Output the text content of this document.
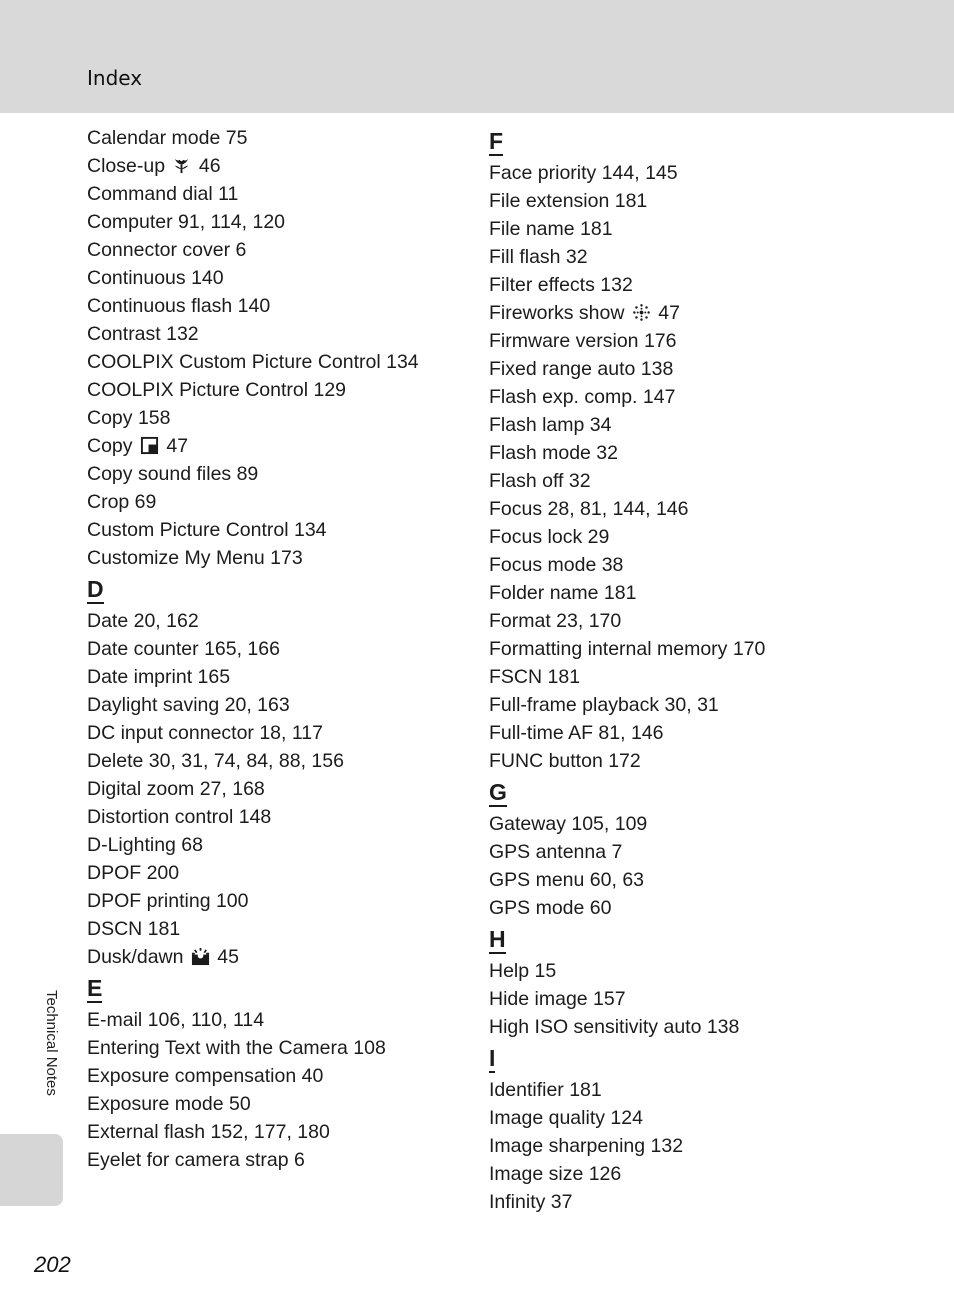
Index
Calendar mode 75
Close-up  46
Command dial 11
Computer 91, 114, 120
Connector cover 6
Continuous 140
Continuous flash 140
Contrast 132
COOLPIX Custom Picture Control 134
COOLPIX Picture Control 129
Copy 158
Copy  47
Copy sound files 89
Crop 69
Custom Picture Control 134
Customize My Menu 173
D
Date 20, 162
Date counter 165, 166
Date imprint 165
Daylight saving 20, 163
DC input connector 18, 117
Delete 30, 31, 74, 84, 88, 156
Digital zoom 27, 168
Distortion control 148
D-Lighting 68
DPOF 200
DPOF printing 100
DSCN 181
Dusk/dawn  45
E
E-mail 106, 110, 114
Entering Text with the Camera 108
Exposure compensation 40
Exposure mode 50
External flash 152, 177, 180
Eyelet for camera strap 6
F
Face priority 144, 145
File extension 181
File name 181
Fill flash 32
Filter effects 132
Fireworks show  47
Firmware version 176
Fixed range auto 138
Flash exp. comp. 147
Flash lamp 34
Flash mode 32
Flash off 32
Focus 28, 81, 144, 146
Focus lock 29
Focus mode 38
Folder name 181
Format 23, 170
Formatting internal memory 170
FSCN 181
Full-frame playback 30, 31
Full-time AF 81, 146
FUNC button 172
G
Gateway 105, 109
GPS antenna 7
GPS menu 60, 63
GPS mode 60
H
Help 15
Hide image 157
High ISO sensitivity auto 138
I
Identifier 181
Image quality 124
Image sharpening 132
Image size 126
Infinity 37
Technical Notes
202
